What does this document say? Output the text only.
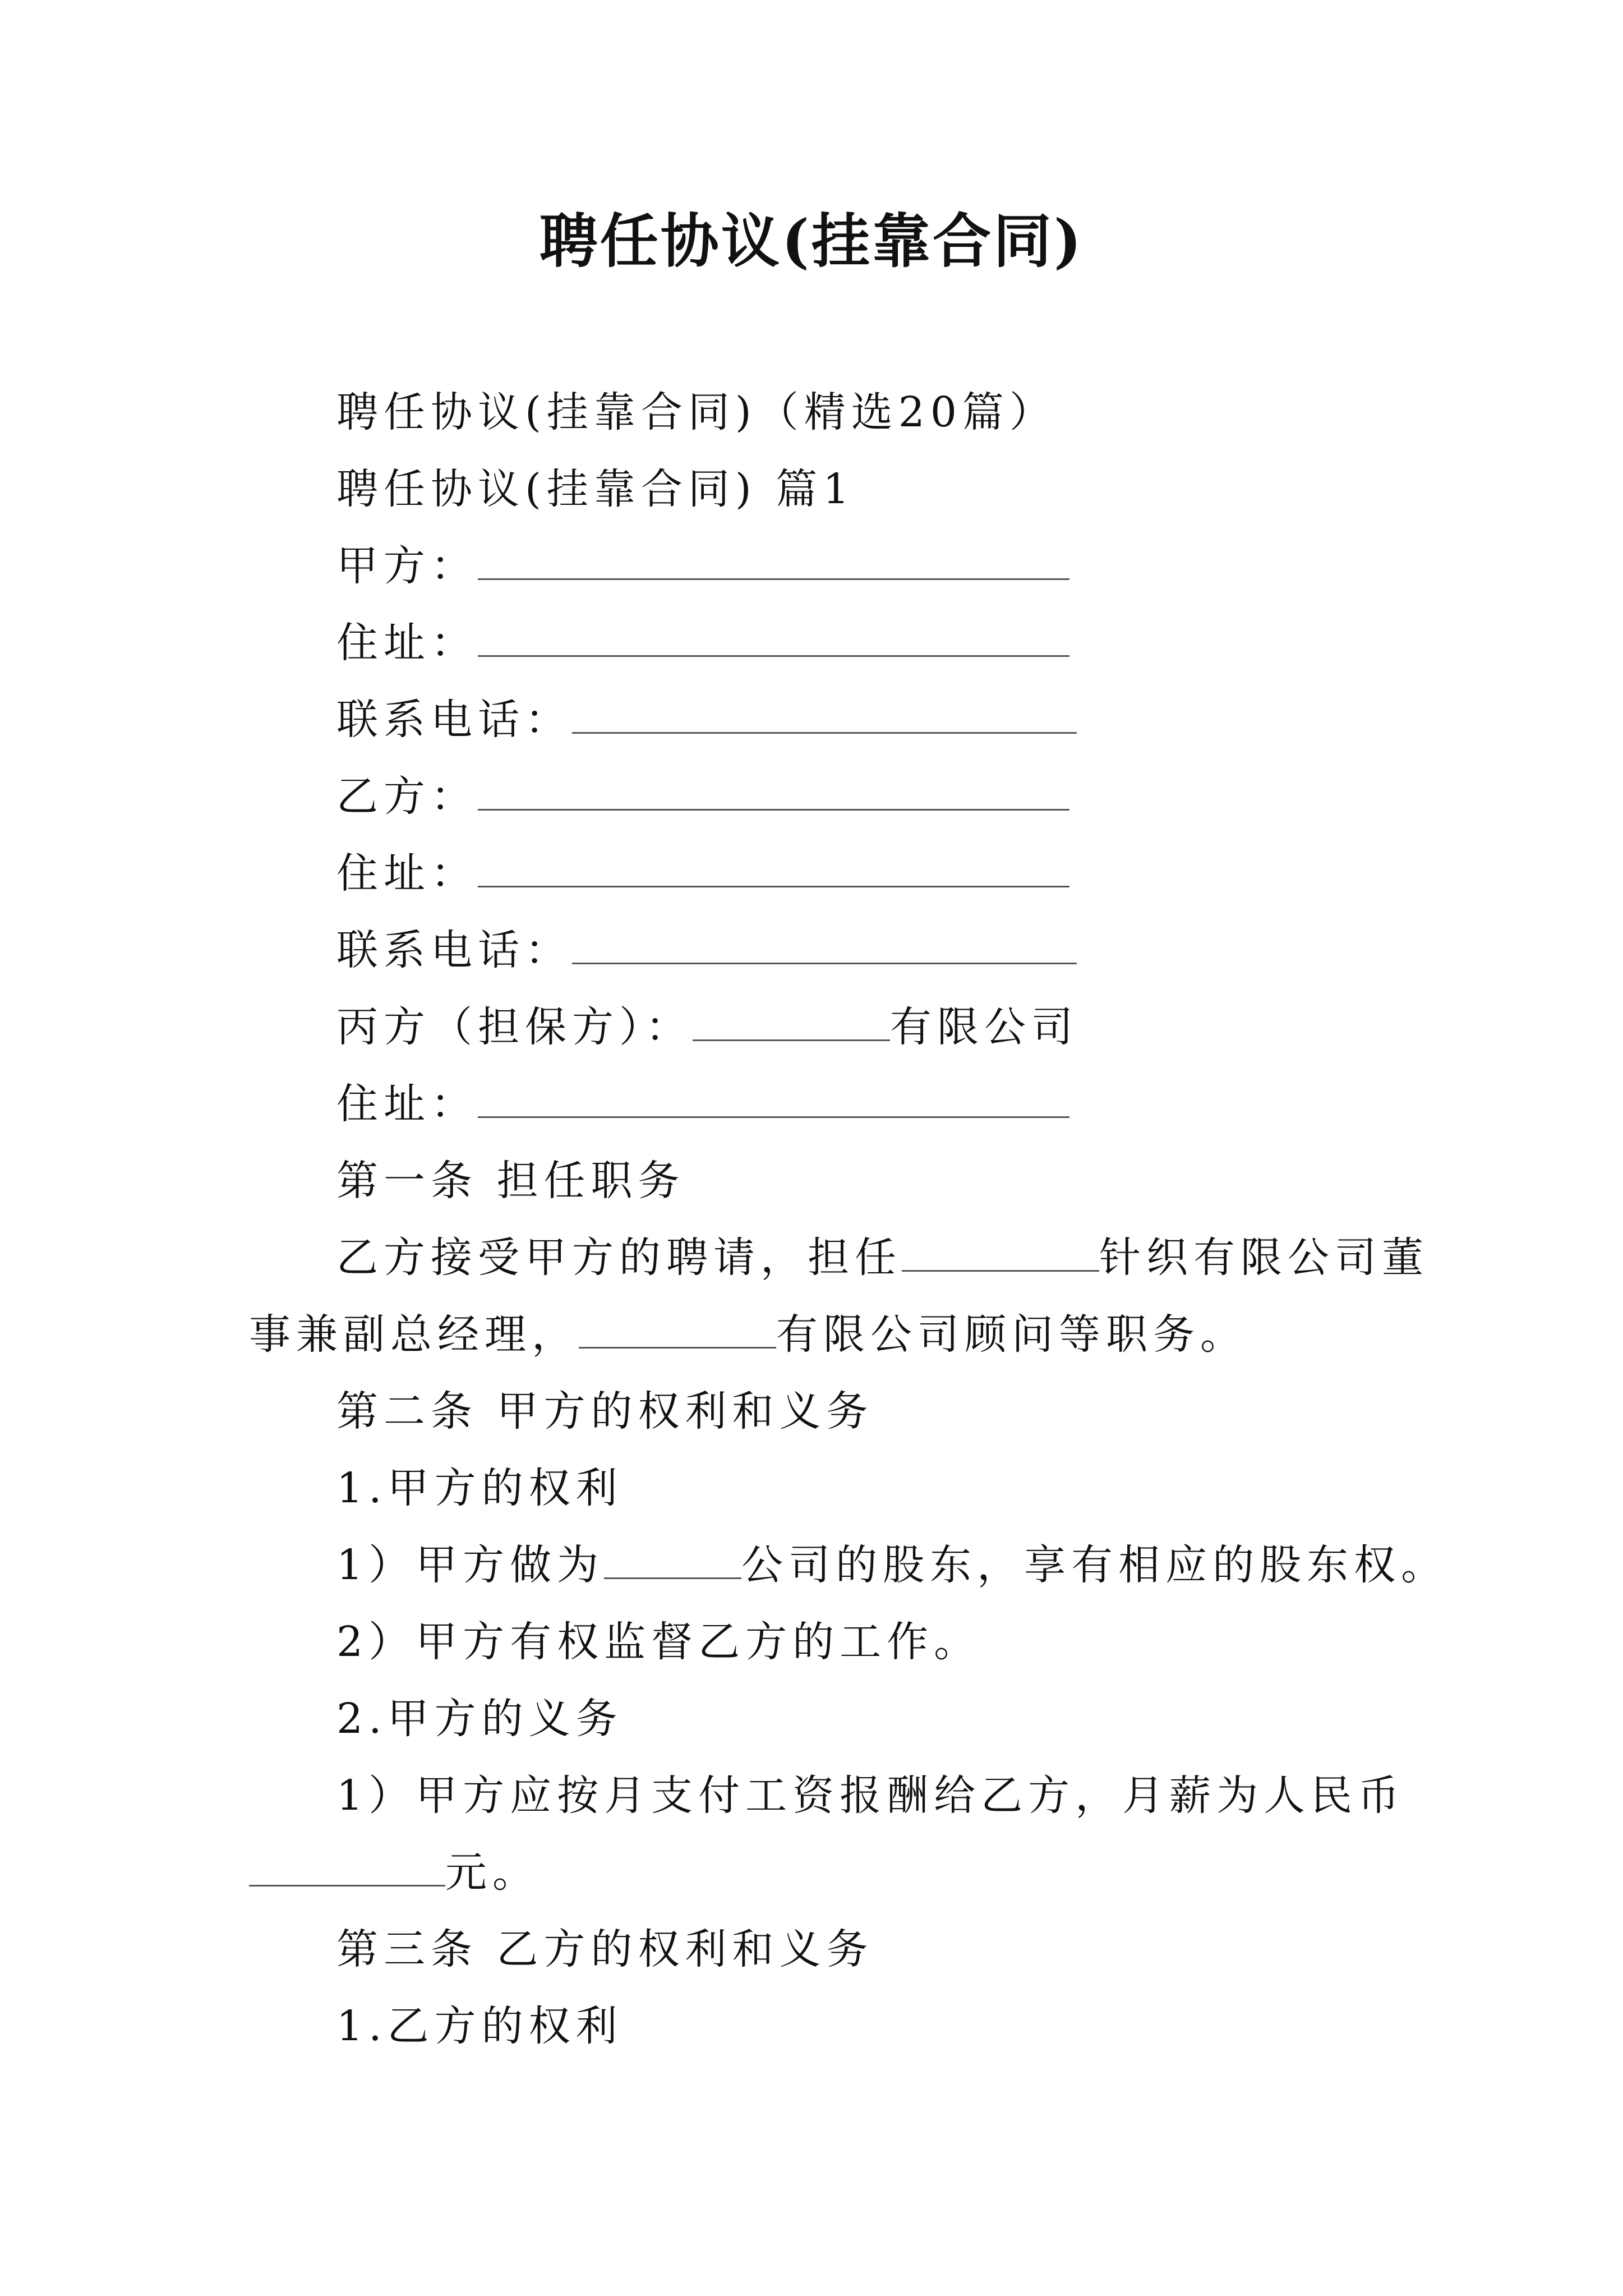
聘任协议(挂靠合同)
聘任协议(挂靠合同)（精选20篇）
聘任协议(挂靠合同) 篇1
甲方：
住址：
联系电话：
乙方：
住址：
联系电话：
丙方（担保方）：	有限公司
住址：
第一条 担任职务
乙方接受甲方的聘请，担任	针织有限公司董
事兼副总经理，	有限公司顾问等职务。
第二条 甲方的权利和义务
1.甲方的权利
1）甲方做为	公司的股东，享有相应的股东权。
2）甲方有权监督乙方的工作。
2.甲方的义务
1）甲方应按月支付工资报酬给乙方，月薪为人民币
元。
第三条 乙方的权利和义务
1.乙方的权利
